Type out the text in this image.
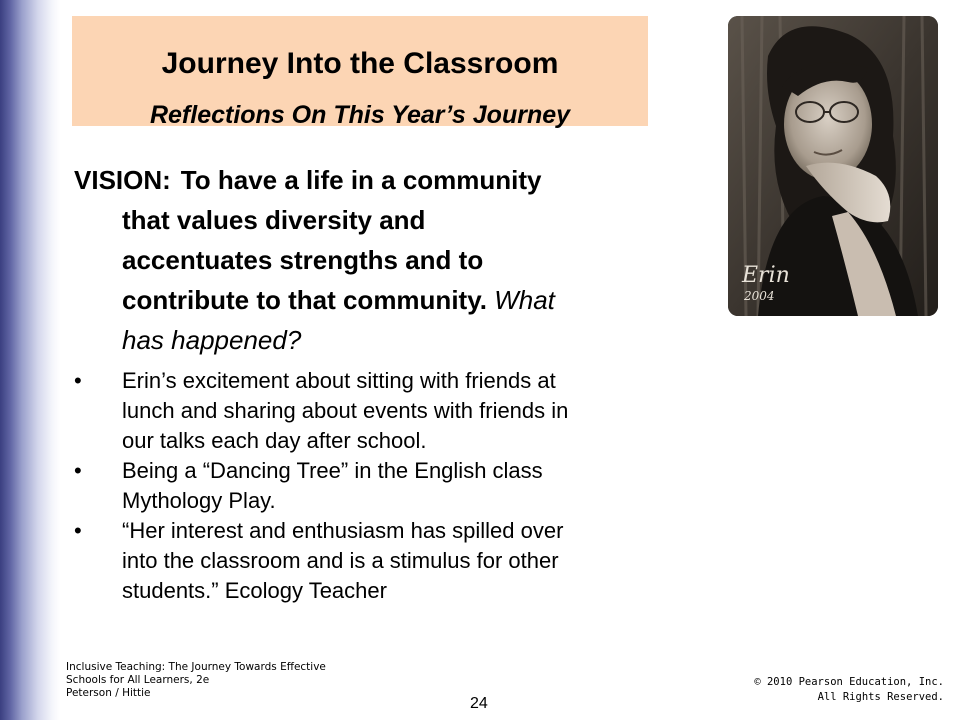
Journey Into the Classroom
Reflections On This Year’s Journey
Erin
2004
VISION: To have a life in a community
that values diversity and
accentuates strengths and to
contribute to that community. What
has happened?
• Erin’s excitement about sitting with friends at
lunch and sharing about events with friends in
our talks each day after school.
• Being a “Dancing Tree” in the English class
Mythology Play.
• “Her interest and enthusiasm has spilled over
into the classroom and is a stimulus for other
students.” Ecology Teacher
Inclusive Teaching: The Journey Towards Effective
Schools for All Learners, 2e
Peterson / Hittie
24
© 2010 Pearson Education, Inc.
All Rights Reserved.
